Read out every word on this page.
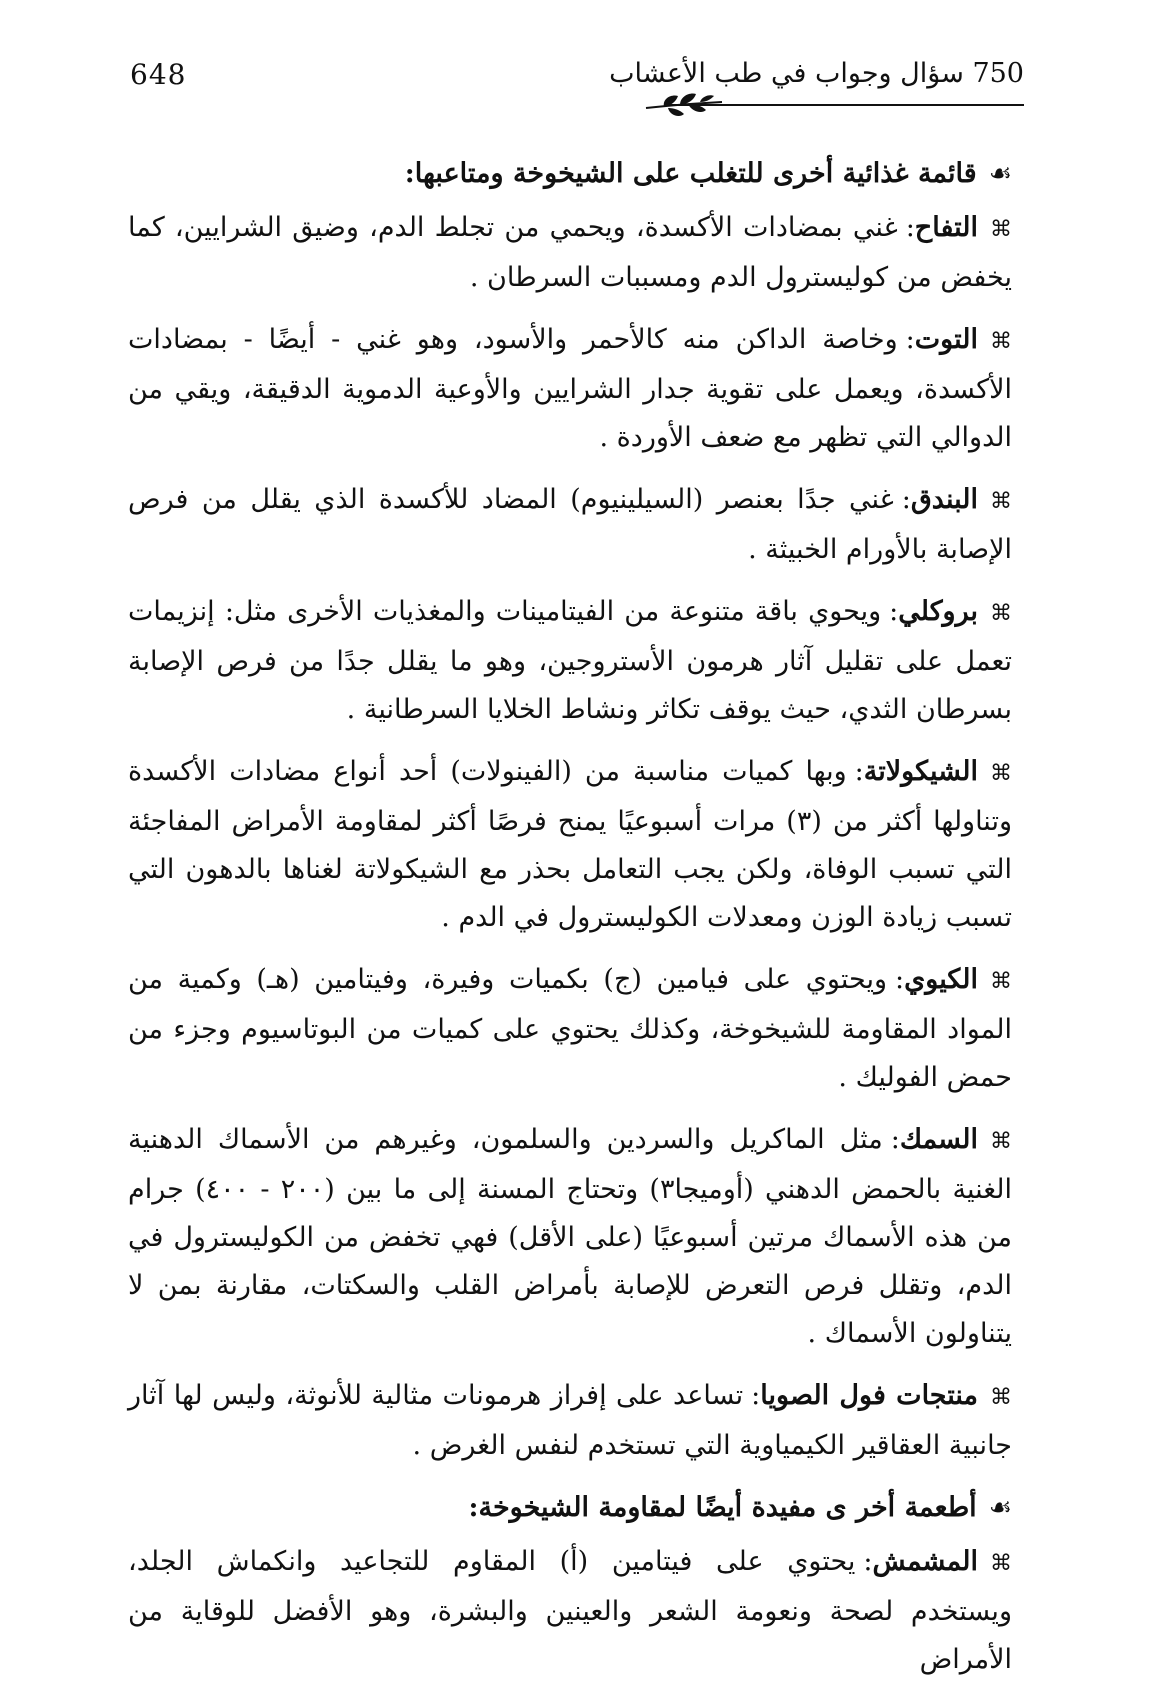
648	750 سؤال وجواب في طب الأعشاب
☙قائمة غذائية أخرى للتغلب على الشيخوخة ومتاعبها:

⌘التفاح:غني بمضادات الأكسدة، ويحمي من تجلط الدم، وضيق الشرايين، كما يخفض من كوليسترول الدم ومسببات السرطان .

⌘التوت:وخاصة الداكن منه كالأحمر والأسود، وهو غني - أيضًا - بمضادات الأكسدة، ويعمل على تقوية جدار الشرايين والأوعية الدموية الدقيقة، ويقي من الدوالي التي تظهر مع ضعف الأوردة .

⌘البندق:غني جدًا بعنصر (السيلينيوم) المضاد للأكسدة الذي يقلل من فرص الإصابة بالأورام الخبيثة .

⌘بروكلي:ويحوي باقة متنوعة من الفيتامينات والمغذيات الأخرى مثل: إنزيمات تعمل على تقليل آثار هرمون الأستروجين، وهو ما يقلل جدًا من فرص الإصابة بسرطان الثدي، حيث يوقف تكاثر ونشاط الخلايا السرطانية .

⌘الشيكولاتة:وبها كميات مناسبة من (الفينولات) أحد أنواع مضادات الأكسدة وتناولها أكثر من (٣) مرات أسبوعيًا يمنح فرصًا أكثر لمقاومة الأمراض المفاجئة التي تسبب الوفاة، ولكن يجب التعامل بحذر مع الشيكولاتة لغناها بالدهون التي تسبب زيادة الوزن ومعدلات الكوليسترول في الدم .

⌘الكيوي:ويحتوي على فيامين (ج) بكميات وفيرة، وفيتامين (هـ) وكمية من المواد المقاومة للشيخوخة، وكذلك يحتوي على كميات من البوتاسيوم وجزء من حمض الفوليك .

⌘السمك:مثل الماكريل والسردين والسلمون، وغيرهم من الأسماك الدهنية الغنية بالحمض الدهني (أوميجا٣) وتحتاج المسنة إلى ما بين (٢٠٠ - ٤٠٠) جرام من هذه الأسماك مرتين أسبوعيًا (على الأقل) فهي تخفض من الكوليسترول في الدم، وتقلل فرص التعرض للإصابة بأمراض القلب والسكتات، مقارنة بمن لا يتناولون الأسماك .

⌘منتجات فول الصويا:تساعد على إفراز هرمونات مثالية للأنوثة، وليس لها آثار جانبية العقاقير الكيمياوية التي تستخدم لنفس الغرض .

☙أطعمة أخر ى مفيدة أيضًا لمقاومة الشيخوخة:

⌘المشمش:يحتوي على فيتامين (أ) المقاوم للتجاعيد وانكماش الجلد، ويستخدم لصحة ونعومة الشعر والعينين والبشرة، وهو الأفضل للوقاية من الأمراض
